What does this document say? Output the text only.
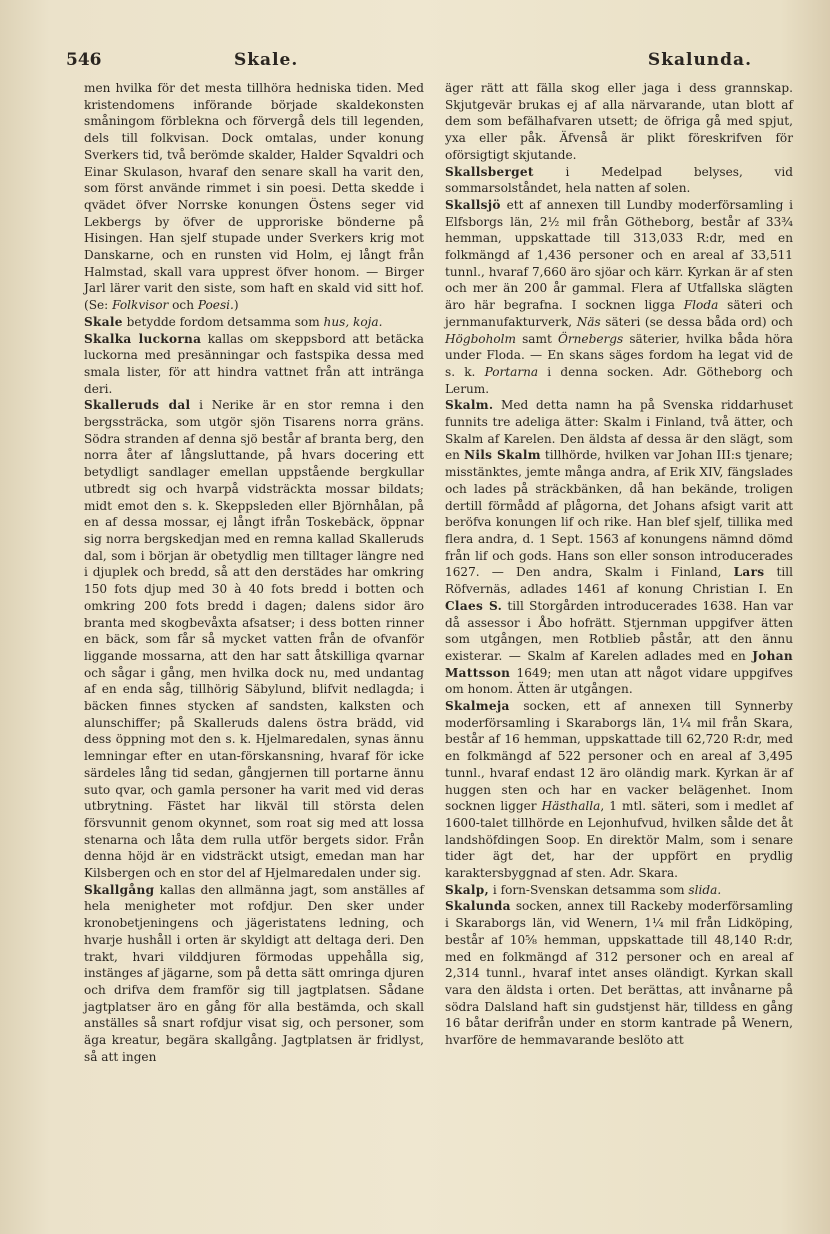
546	Skale.	Skalunda.

men hvilka för det mesta tillhöra hedniska tiden. Med kristendomens införande började skaldekonsten småningom förblekna och förvergå dels till legenden, dels till folkvisan. Dock omtalas, under konung Sverkers tid, två berömde skalder, Halder Sqvaldri och Einar Skulason, hvaraf den senare skall ha varit den, som först använde rimmet i sin poesi. Detta skedde i qvädet öfver Norrske konungen Östens seger vid Lekbergs by öfver de upproriske bönderne på Hisingen. Han sjelf stupade under Sverkers krig mot Danskarne, och en runsten vid Holm, ej långt från Halmstad, skall vara upprest öfver honom. — Birger Jarl lärer varit den siste, som haft en skald vid sitt hof. (Se: Folkvisor och Poesi.)

Skale betydde fordom detsamma som hus, koja.

Skalka luckorna kallas om skeppsbord att betäcka luckorna med presänningar och fastspika dessa med smala lister, för att hindra vattnet från att intränga deri.

Skalleruds dal i Nerike är en stor remna i den bergssträcka, som utgör sjön Tisarens norra gräns. Södra stranden af denna sjö består af branta berg, den norra åter af långsluttande, på hvars docering ett betydligt sandlager emellan uppstående bergkullar utbredt sig och hvarpå vidsträckta mossar bildats; midt emot den s. k. Skeppsleden eller Björnhålan, på en af dessa mossar, ej långt ifrån Toskebäck, öppnar sig norra bergskedjan med en remna kallad Skalleruds dal, som i början är obetydlig men tilltager längre ned i djuplek och bredd, så att den derstädes har omkring 150 fots djup med 30 à 40 fots bredd i botten och omkring 200 fots bredd i dagen; dalens sidor äro branta med skogbevåxta afsatser; i dess botten rinner en bäck, som får så mycket vatten från de ofvanför liggande mossarna, att den har satt åtskilliga qvarnar och sågar i gång, men hvilka dock nu, med undantag af en enda såg, tillhörig Säbylund, blifvit nedlagda; i bäcken finnes stycken af sandsten, kalksten och alunschiffer; på Skalleruds dalens östra brädd, vid dess öppning mot den s. k. Hjelmaredalen, synas ännu lemningar efter en utan-förskansning, hvaraf för icke särdeles lång tid sedan, gångjernen till portarne ännu suto qvar, och gamla personer ha varit med vid deras utbrytning. Fästet har likväl till största delen försvunnit genom okynnet, som roat sig med att lossa stenarna och låta dem rulla utför bergets sidor. Från denna höjd är en vidsträckt utsigt, emedan man har Kilsbergen och en stor del af Hjelmaredalen under sig.

Skallgång kallas den allmänna jagt, som anställes af hela menigheter mot rofdjur. Den sker under kronobetjeningens och jägeristatens ledning, och hvarje hushåll i orten är skyldigt att deltaga deri. Den trakt, hvari vilddjuren förmodas uppehålla sig, instänges af jägarne, som på detta sätt omringa djuren och drifva dem framför sig till jagtplatsen. Sådane jagtplatser äro en gång för alla bestämda, och skall anställes så snart rofdjur visat sig, och personer, som äga kreatur, begära skallgång. Jagtplatsen är fridlyst, så att ingen

äger rätt att fälla skog eller jaga i dess grannskap. Skjutgevär brukas ej af alla närvarande, utan blott af dem som befälhafvaren utsett; de öfriga gå med spjut, yxa eller påk. Äfvenså är plikt föreskrifven för oförsigtigt skjutande.

Skallsberget	i Medelpad belyses, vid sommarsolståndet, hela natten af solen.

Skallsjö ett af annexen till Lundby moderförsamling i Elfsborgs län, 2½ mil från Götheborg, består af 33¾ hemman, uppskattade till 313,033 R:dr, med en folkmängd af 1,436 personer och en areal af 33,511 tunnl., hvaraf 7,660 äro sjöar och kärr. Kyrkan är af sten och mer än 200 år gammal. Flera af Utfallska slägten äro här begrafna. I socknen ligga Floda säteri och jernmanufakturverk, Näs säteri (se dessa båda ord) och Högboholm samt Örnebergs säterier, hvilka båda höra under Floda. — En skans säges fordom ha legat vid de s. k. Portarna i denna socken. Adr. Götheborg och Lerum.

Skalm. Med detta namn ha på Svenska riddarhuset funnits tre adeliga ätter: Skalm i Finland, två ätter, och Skalm af Karelen. Den äldsta af dessa är den slägt, som en Nils Skalm tillhörde, hvilken var Johan III:s tjenare; misstänktes, jemte många andra, af Erik XIV, fängslades och lades på sträckbänken, då han bekände, troligen dertill förmådd af plågorna, det Johans afsigt varit att beröfva konungen lif och rike. Han blef sjelf, tillika med flera andra, d. 1 Sept. 1563 af konungens nämnd dömd från lif och gods. Hans son eller sonson introducerades 1627. — Den andra, Skalm i Finland, Lars till Röfvernäs, adlades 1461 af konung Christian I. En Claes S. till Storgården introducerades 1638. Han var då assessor i Åbo hofrätt. Stjernman uppgifver ätten som utgången, men Rotblieb påstår, att den ännu existerar. — Skalm af Karelen adlades med en Johan Mattsson 1649; men utan att något vidare uppgifves om honom. Ätten är utgången.

Skalmeja socken, ett af annexen till Synnerby moderförsamling i Skaraborgs län, 1¼ mil från Skara, består af 16 hemman, uppskattade till 62,720 R:dr, med en folkmängd af 522 personer och en areal af 3,495 tunnl., hvaraf endast 12 äro oländig mark. Kyrkan är af huggen sten och har en vacker belägenhet. Inom socknen ligger Hästhalla, 1 mtl. säteri, som i medlet af 1600-talet tillhörde en Lejonhufvud, hvilken sålde det åt landshöfdingen Soop. En direktör Malm, som i senare tider ägt det, har der uppfört en prydlig karaktersbyggnad af sten. Adr. Skara.

Skalp, i forn-Svenskan detsamma som slida.

Skalunda socken, annex till Rackeby moderförsamling i Skaraborgs län, vid Wenern, 1¼ mil från Lidköping, består af 10⅝ hemman, uppskattade till 48,140 R:dr, med en folkmängd af 312 personer och en areal af 2,314 tunnl., hvaraf intet anses oländigt. Kyrkan skall vara den äldsta i orten. Det berättas, att invånarne på södra Dalsland haft sin gudstjenst här, tilldess en gång 16 båtar derifrån under en storm kantrade på Wenern, hvarföre de hemmavarande beslöto att
